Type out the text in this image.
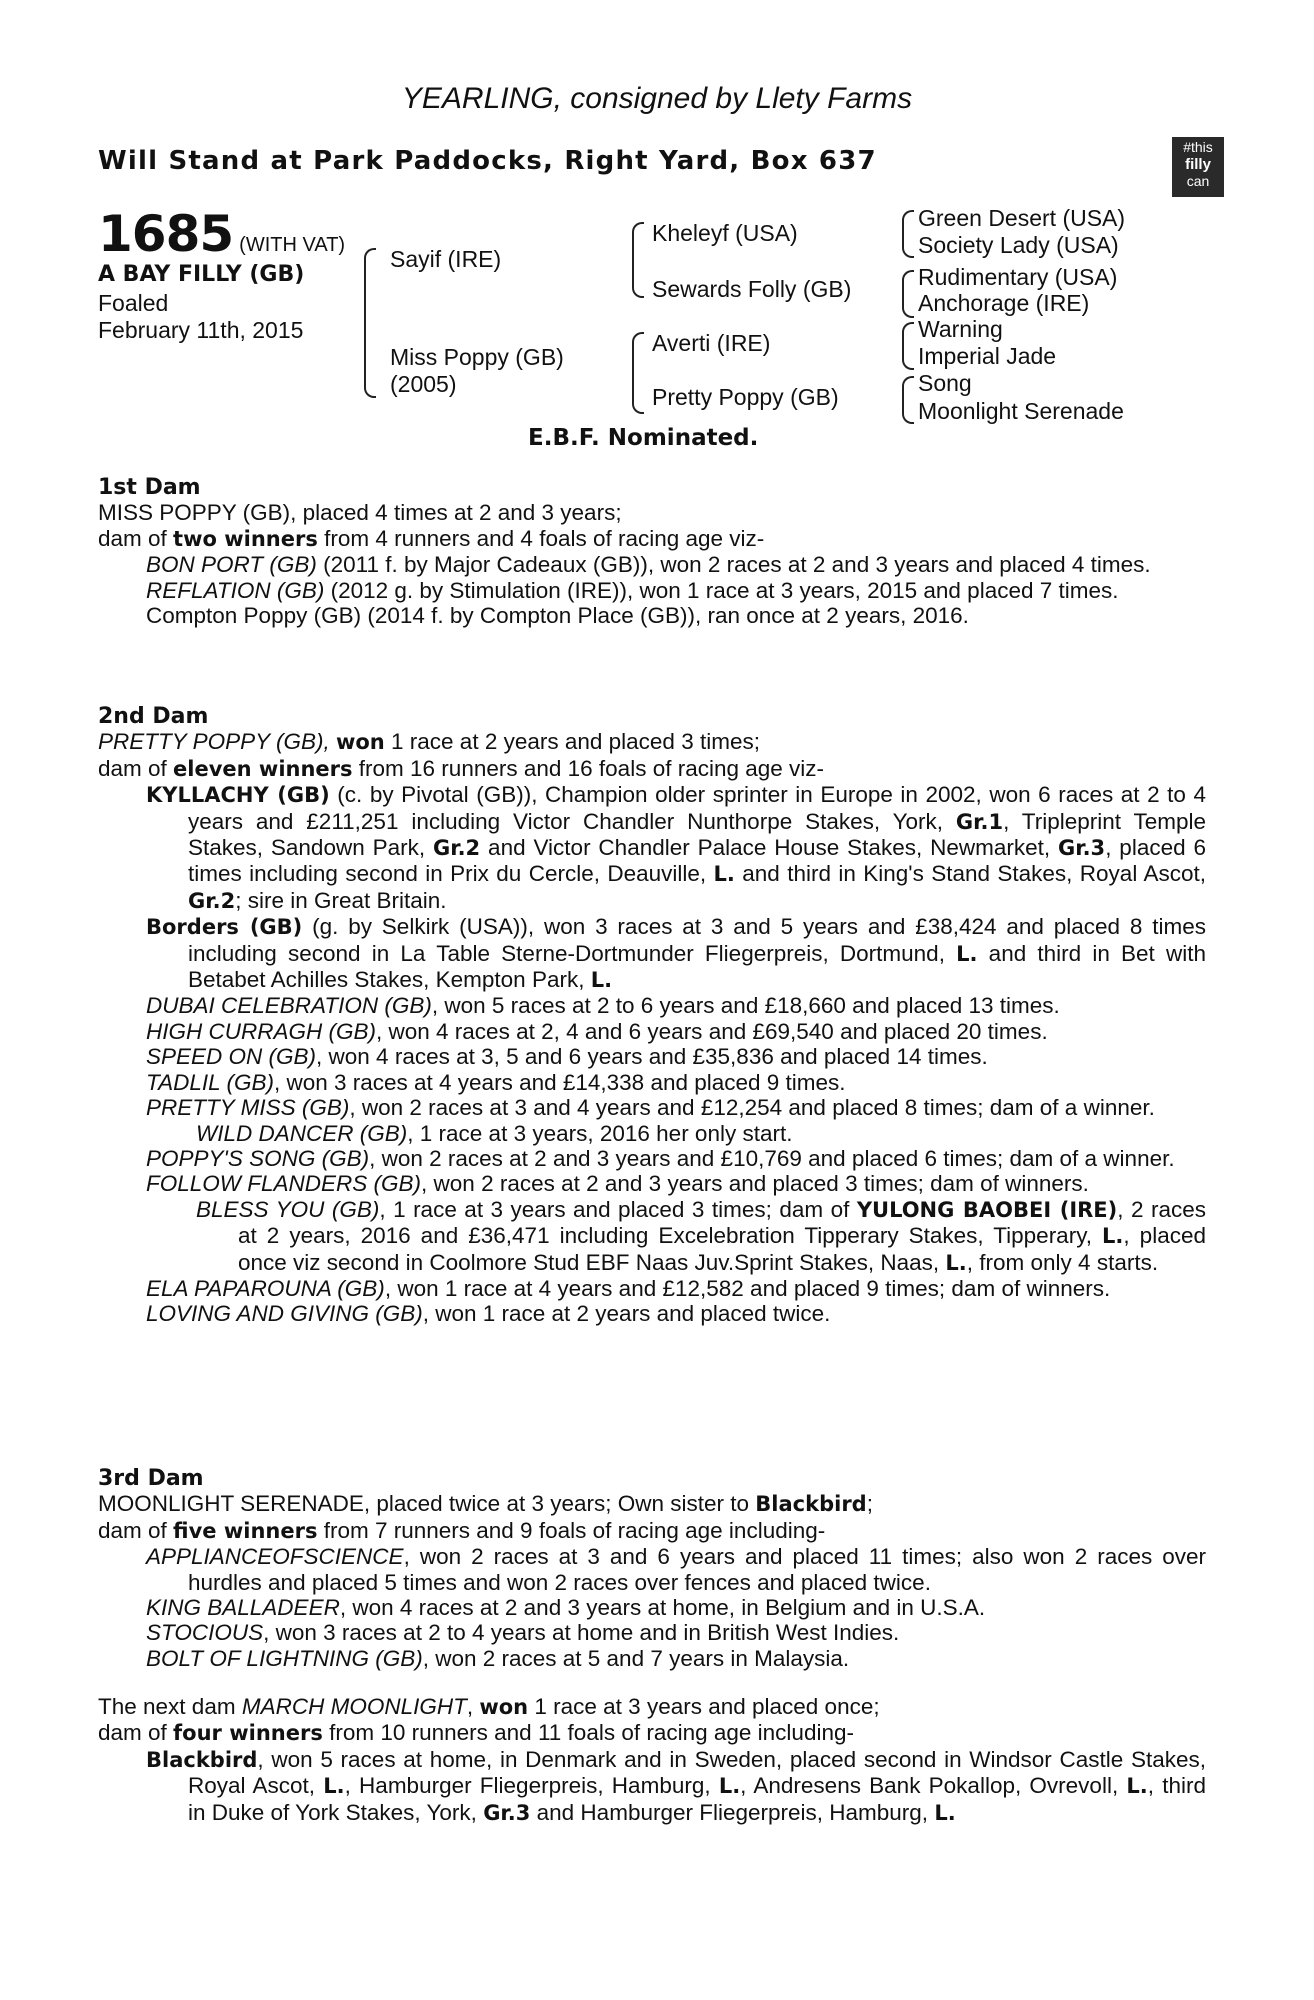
YEARLING, consigned by Llety Farms
Will Stand at Park Paddocks, Right Yard, Box 637	#this
filly
can
1685 (WITH VAT)
A BAY FILLY (GB)
Foaled
February 11th, 2015
Sayif (IRE)
Miss Poppy (GB)
(2005)
Kheleyf (USA)
Sewards Folly (GB)
Averti (IRE)
Pretty Poppy (GB)
Green Desert (USA)
Society Lady (USA)
Rudimentary (USA)
Anchorage (IRE)
Warning
Imperial Jade
Song
Moonlight Serenade
E.B.F. Nominated.

1st Dam

MISS POPPY (GB), placed 4 times at 2 and 3 years;

dam of two winners from 4 runners and 4 foals of racing age viz-

BON PORT (GB) (2011 f. by Major Cadeaux (GB)), won 2 races at 2 and 3 years and placed 4 times.

REFLATION (GB) (2012 g. by Stimulation (IRE)), won 1 race at 3 years, 2015 and placed 7 times.

Compton Poppy (GB) (2014 f. by Compton Place (GB)), ran once at 2 years, 2016.

2nd Dam

PRETTY POPPY (GB), won 1 race at 2 years and placed 3 times;

dam of eleven winners from 16 runners and 16 foals of racing age viz-

KYLLACHY (GB) (c. by Pivotal (GB)), Champion older sprinter in Europe in 2002, won 6 races at 2 to 4 years and £211,251 including Victor Chandler Nunthorpe Stakes, York, Gr.1, Tripleprint Temple Stakes, Sandown Park, Gr.2 and Victor Chandler Palace House Stakes, Newmarket, Gr.3, placed 6 times including second in Prix du Cercle, Deauville, L. and third in King's Stand Stakes, Royal Ascot, Gr.2; sire in Great Britain.

Borders (GB) (g. by Selkirk (USA)), won 3 races at 3 and 5 years and £38,424 and placed 8 times including second in La Table Sterne-Dortmunder Fliegerpreis, Dortmund, L. and third in Bet with Betabet Achilles Stakes, Kempton Park, L.

DUBAI CELEBRATION (GB), won 5 races at 2 to 6 years and £18,660 and placed 13 times.

HIGH CURRAGH (GB), won 4 races at 2, 4 and 6 years and £69,540 and placed 20 times.

SPEED ON (GB), won 4 races at 3, 5 and 6 years and £35,836 and placed 14 times.

TADLIL (GB), won 3 races at 4 years and £14,338 and placed 9 times.

PRETTY MISS (GB), won 2 races at 3 and 4 years and £12,254 and placed 8 times; dam of a winner.

WILD DANCER (GB), 1 race at 3 years, 2016 her only start.

POPPY'S SONG (GB), won 2 races at 2 and 3 years and £10,769 and placed 6 times; dam of a winner.

FOLLOW FLANDERS (GB), won 2 races at 2 and 3 years and placed 3 times; dam of winners.

BLESS YOU (GB), 1 race at 3 years and placed 3 times; dam of YULONG BAOBEI (IRE), 2 races at 2 years, 2016 and £36,471 including Excelebration Tipperary Stakes, Tipperary, L., placed once viz second in Coolmore Stud EBF Naas Juv.Sprint Stakes, Naas, L., from only 4 starts.

ELA PAPAROUNA (GB), won 1 race at 4 years and £12,582 and placed 9 times; dam of winners.

LOVING AND GIVING (GB), won 1 race at 2 years and placed twice.

3rd Dam

MOONLIGHT SERENADE, placed twice at 3 years; Own sister to Blackbird;

dam of five winners from 7 runners and 9 foals of racing age including-

APPLIANCEOFSCIENCE, won 2 races at 3 and 6 years and placed 11 times; also won 2 races over hurdles and placed 5 times and won 2 races over fences and placed twice.

KING BALLADEER, won 4 races at 2 and 3 years at home, in Belgium and in U.S.A.

STOCIOUS, won 3 races at 2 to 4 years at home and in British West Indies.

BOLT OF LIGHTNING (GB), won 2 races at 5 and 7 years in Malaysia.

The next dam MARCH MOONLIGHT, won 1 race at 3 years and placed once;

dam of four winners from 10 runners and 11 foals of racing age including-

Blackbird, won 5 races at home, in Denmark and in Sweden, placed second in Windsor Castle Stakes, Royal Ascot, L., Hamburger Fliegerpreis, Hamburg, L., Andresens Bank Pokallop, Ovrevoll, L., third in Duke of York Stakes, York, Gr.3 and Hamburger Fliegerpreis, Hamburg, L.
